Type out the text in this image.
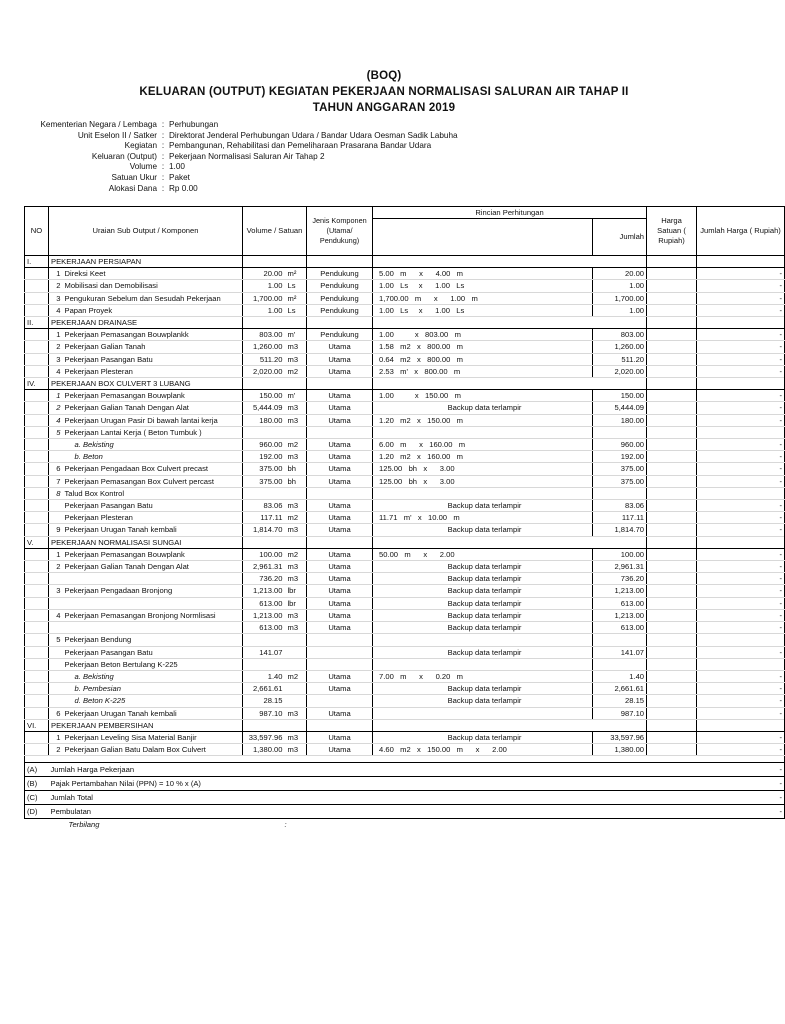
(BOQ)
KELUARAN (OUTPUT) KEGIATAN PEKERJAAN NORMALISASI SALURAN AIR TAHAP II
TAHUN ANGGARAN 2019
Kementerian Negara / Lembaga : Perhubungan
Unit Eselon II / Satker : Direktorat Jenderal Perhubungan Udara / Bandar Udara Oesman Sadik Labuha
Kegiatan : Pembangunan, Rehabilitasi dan Pemeliharaan Prasarana Bandar Udara
Keluaran (Output) : Pekerjaan Normalisasi Saluran Air Tahap 2
Volume : 1.00
Satuan Ukur : Paket
Alokasi Dana : Rp 0.00
NO	Uraian Sub Output / Komponen		Volume / Satuan		Jenis Komponen (Utama/ Pendukung)	Rincian Perhitungan		Harga Satuan ( Rupiah)	Jumlah Harga ( Rupiah)	
							Jumlah			
I.	PEKERJAAN PERSIAPAN									
	1	Direksi Keet	20.00	m²	Pendukung	5.00   m      x      4.00   m	20.00		-	
	2	Mobilisasi dan Demobilisasi	1.00	Ls	Pendukung	1.00   Ls     x      1.00   Ls	1.00		-	
	3	Pengukuran Sebelum dan Sesudah Pekerjaan	1,700.00	m²	Pendukung	1,700.00   m      x      1.00   m	1,700.00		-	
	4	Papan Proyek	1.00	Ls	Pendukung	1.00   Ls     x      1.00   Ls	1.00		-	
II.	PEKERJAAN DRAINASE									
	1	Pekerjaan Pemasangan Bouwplankk	803.00	m'	Pendukung	1.00          x   803.00   m	803.00		-	
	2	Pekerjaan Galian Tanah	1,260.00	m3	Utama	1.58   m2   x   800.00   m	1,260.00		-	
	3	Pekerjaan Pasangan Batu	511.20	m3	Utama	0.64   m2   x   800.00   m	511.20		-	
	4	Pekerjaan Plesteran	2,020.00	m2	Utama	2.53   m'   x   800.00   m	2,020.00		-	
IV.	PEKERJAAN BOX CULVERT 3 LUBANG									
	1	Pekerjaan Pemasangan Bouwplank	150.00	m'	Utama	1.00          x   150.00   m	150.00		-	
	2	Pekerjaan Galian Tanah Dengan Alat	5,444.09	m3	Utama	Backup data terlampir	5,444.09		-	
	4	Pekerjaan Urugan Pasir Di bawah lantai kerja	180.00	m3	Utama	1.20   m2   x   150.00   m	180.00		-	
	5	Pekerjaan Lantai Kerja ( Beton Tumbuk )								
		a. Bekisting	960.00	m2	Utama	6.00   m      x   160.00   m	960.00		-	
		b. Beton	192.00	m3	Utama	1.20   m2   x   160.00   m	192.00		-	
	6	Pekerjaan Pengadaan Box Culvert precast	375.00	bh	Utama	125.00   bh   x      3.00	375.00		-	
	7	Pekerjaan Pemasangan Box Culvert percast	375.00	bh	Utama	125.00   bh   x      3.00	375.00		-	
	8	Talud Box Kontrol								
		Pekerjaan Pasangan Batu	83.06	m3	Utama	Backup data terlampir	83.06		-	
		Pekerjaan Plesteran	117.11	m2	Utama	11.71   m'   x   10.00   m	117.11		-	
	9	Pekerjaan Urugan Tanah kembali	1,814.70	m3	Utama	Backup data terlampir	1,814.70		-	
V.	PEKERJAAN NORMALISASI SUNGAI									
	1	Pekerjaan Pemasangan Bouwplank	100.00	m2	Utama	50.00   m      x      2.00	100.00		-	
	2	Pekerjaan Galian Tanah Dengan Alat	2,961.31	m3	Utama	Backup data terlampir	2,961.31		-	
			736.20	m3	Utama	Backup data terlampir	736.20		-	
	3	Pekerjaan Pengadaan Bronjong	1,213.00	lbr	Utama	Backup data terlampir	1,213.00		-	
			613.00	lbr	Utama	Backup data terlampir	613.00		-	
	4	Pekerjaan Pemasangan Bronjong Normlisasi	1,213.00	m3	Utama	Backup data terlampir	1,213.00		-	
			613.00	m3	Utama	Backup data terlampir	613.00		-	
	5	Pekerjaan Bendung								
		Pekerjaan Pasangan Batu	141.07			Backup data terlampir	141.07		-	
		Pekerjaan Beton Bertulang K-225								
		a. Bekisting	1.40	m2	Utama	7.00   m      x      0.20   m	1.40		-	
		b. Pembesian	2,661.61		Utama	Backup data terlampir	2,661.61		-	
		d. Beton K-225	28.15			Backup data terlampir	28.15		-	
	6	Pekerjaan Urugan Tanah kembali	987.10	m3	Utama		987.10		-	
VI.	PEKERJAAN PEMBERSIHAN									
	1	Pekerjaan Leveling Sisa Material Banjir	33,597.96	m3	Utama	Backup data terlampir	33,597.96		-	
	2	Pekerjaan Galian Batu Dalam Box Culvert	1,380.00	m3	Utama	4.60   m2   x   150.00   m      x      2.00	1,380.00		-	

(A)	Jumlah Harga Pekerjaan								-	
(B)	Pajak Pertambahan Nilai (PPN) = 10 % x (A)								-	
(C)	Jumlah Total								-	
(D)	Pembulatan								-	
	Terbilang			:						
